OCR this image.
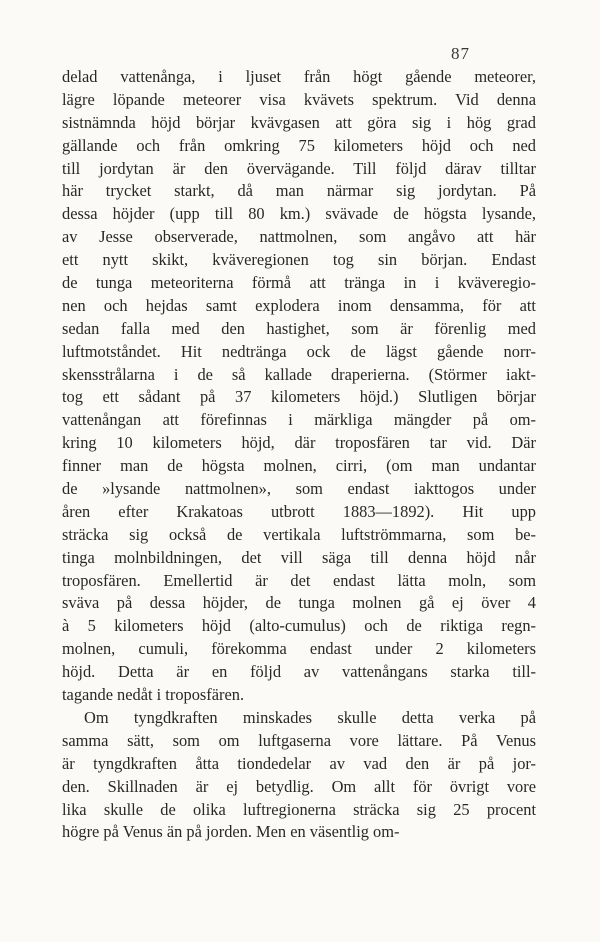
87
delad vattenånga, i ljuset från högt gående meteorer,
lägre löpande meteorer visa kvävets spektrum. Vid denna
sistnämnda höjd börjar kvävgasen att göra sig i hög grad
gällande och från omkring 75 kilometers höjd och ned
till jordytan är den övervägande. Till följd därav tilltar
här trycket starkt, då man närmar sig jordytan. På
dessa höjder (upp till 80 km.) svävade de högsta lysande,
av Jesse observerade, nattmolnen, som angåvo att här
ett nytt skikt, kväveregionen tog sin början. Endast
de tunga meteoriterna förmå att tränga in i kväveregio-
nen och hejdas samt explodera inom densamma, för att
sedan falla med den hastighet, som är förenlig med
luftmotståndet. Hit nedtränga ock de lägst gående norr-
skensstrålarna i de så kallade draperierna. (Störmer iakt-
tog ett sådant på 37 kilometers höjd.) Slutligen börjar
vattenångan att förefinnas i märkliga mängder på om-
kring 10 kilometers höjd, där troposfären tar vid. Där
finner man de högsta molnen, cirri, (om man undantar
de »lysande nattmolnen», som endast iakttogos under
åren efter Krakatoas utbrott 1883—1892). Hit upp
sträcka sig också de vertikala luftströmmarna, som be-
tinga molnbildningen, det vill säga till denna höjd når
troposfären. Emellertid är det endast lätta moln, som
sväva på dessa höjder, de tunga molnen gå ej över 4
à 5 kilometers höjd (alto-cumulus) och de riktiga regn-
molnen, cumuli, förekomma endast under 2 kilometers
höjd. Detta är en följd av vattenångans starka till-
tagande nedåt i troposfären.
Om tyngdkraften minskades skulle detta verka på
samma sätt, som om luftgaserna vore lättare. På Venus
är tyngdkraften åtta tiondedelar av vad den är på jor-
den. Skillnaden är ej betydlig. Om allt för övrigt vore
lika skulle de olika luftregionerna sträcka sig 25 procent
högre på Venus än på jorden. Men en väsentlig om-
